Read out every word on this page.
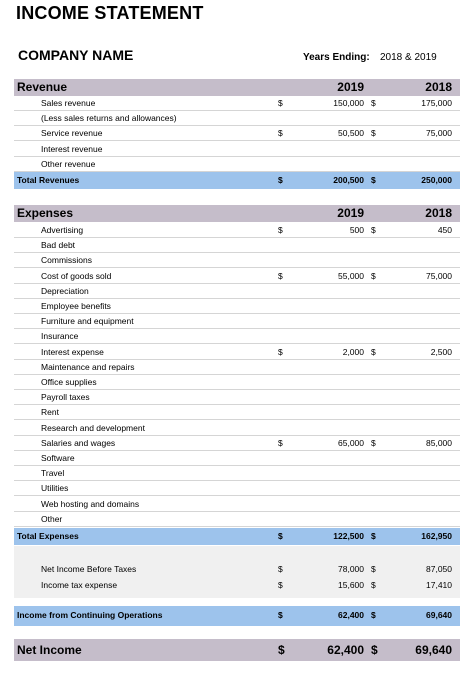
INCOME STATEMENT
COMPANY NAME	Years Ending: 2018 & 2019
Revenue	2019	2018
Sales revenue	$	150,000 $	175,000
(Less sales returns and allowances)
Service revenue	$	50,500 $	75,000
Interest revenue
Other revenue
Total Revenues	$	200,500 $	250,000
Expenses	2019	2018
Advertising	$	500 $	450
Bad debt
Commissions
Cost of goods sold	$	55,000 $	75,000
Depreciation
Employee benefits
Furniture and equipment
Insurance
Interest expense	$	2,000 $	2,500
Maintenance and repairs
Office supplies
Payroll taxes
Rent
Research and development
Salaries and wages	$	65,000 $	85,000
Software
Travel
Utilities
Web hosting and domains
Other
Total Expenses	$	122,500 $	162,950
Net Income Before Taxes	$	78,000 $	87,050
Income tax expense	$	15,600 $	17,410
Income from Continuing Operations	$	62,400 $	69,640
Net Income	$	62,400 $	69,640
